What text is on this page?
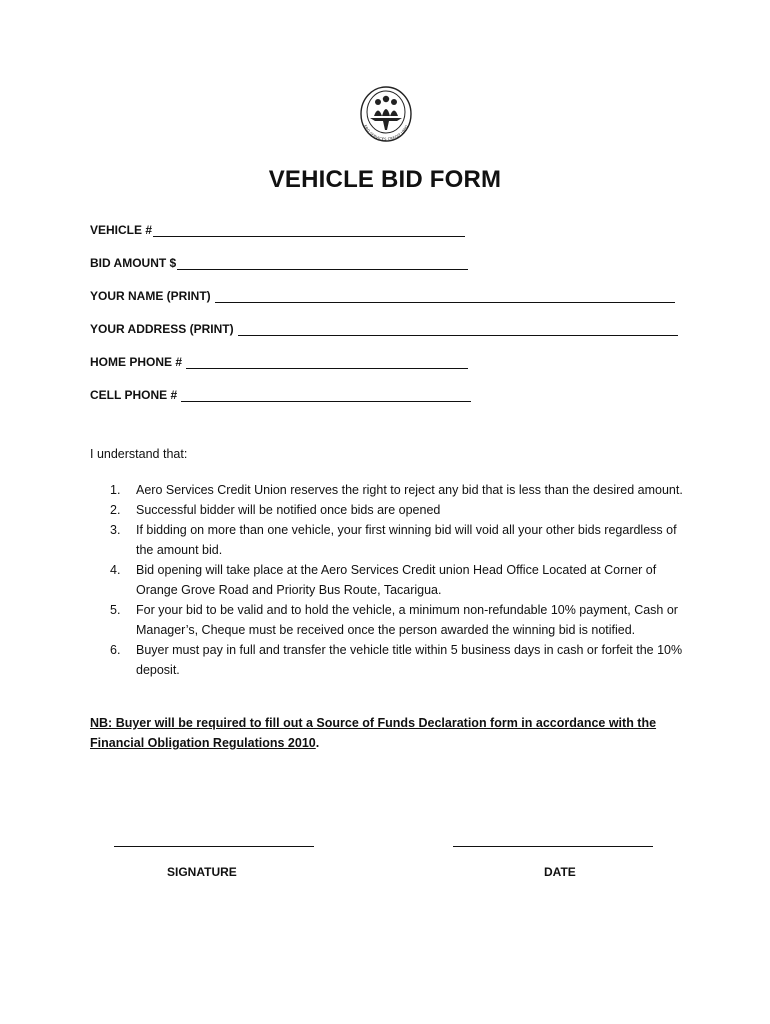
ERO SERVICES CREDIT UNIO
VEHICLE BID FORM
VEHICLE #
BID AMOUNT $
YOUR NAME (PRINT)
YOUR ADDRESS (PRINT)
HOME PHONE #
CELL PHONE #
I understand that:
1.	Aero Services Credit Union reserves the right to reject any bid that is less than the desired amount.
2.	Successful bidder will be notified once bids are opened
3.	If bidding on more than one vehicle, your first winning bid will void all your other bids regardless of the amount bid.
4.	Bid opening will take place at the Aero Services Credit union Head Office Located at Corner of Orange Grove Road and Priority Bus Route, Tacarigua.
5.	For your bid to be valid and to hold the vehicle, a minimum non-refundable 10% payment, Cash or Manager’s, Cheque must be received once the person awarded the winning bid is notified.
6.	Buyer must pay in full and transfer the vehicle title within 5 business days in cash or forfeit the 10% deposit.
NB: Buyer will be required to fill out a Source of Funds Declaration form in accordance with the Financial Obligation Regulations 2010.
SIGNATURE	DATE
